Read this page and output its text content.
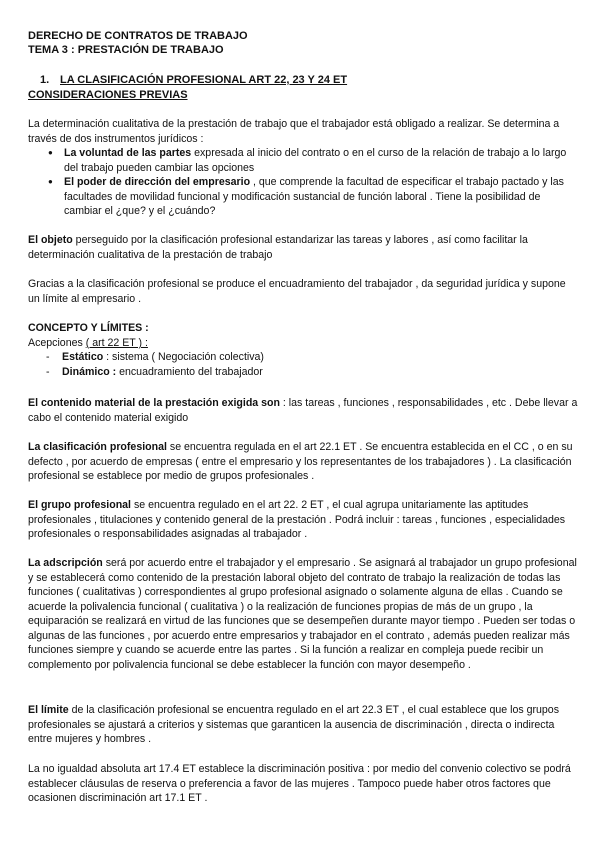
DERECHO DE CONTRATOS DE TRABAJO
TEMA 3 : PRESTACIÓN DE TRABAJO
1. LA CLASIFICACIÓN PROFESIONAL ART 22, 23 Y 24 ET
CONSIDERACIONES PREVIAS
La determinación cualitativa de la prestación de trabajo que el trabajador está obligado a realizar. Se determina a través de dos instrumentos jurídicos :
● La voluntad de las partes expresada al inicio del contrato o en el curso de la relación de trabajo a lo largo del trabajo pueden cambiar las opciones
● El poder de dirección del empresario , que comprende la facultad de especificar el trabajo pactado y las facultades de movilidad funcional y modificación sustancial de función laboral . Tiene la posibilidad de cambiar el ¿que? y el ¿cuándo?
El objeto perseguido por la clasificación profesional estandarizar las tareas y labores , así como facilitar la determinación cualitativa de la prestación de trabajo
Gracias a la clasificación profesional se produce el encuadramiento del trabajador , da seguridad jurídica y supone un límite al empresario .
CONCEPTO Y LÍMITES :
Acepciones ( art 22 ET ) :
- Estático : sistema ( Negociación colectiva)
- Dinámico : encuadramiento del trabajador
El contenido material de la prestación exigida son : las tareas , funciones , responsabilidades , etc . Debe llevar a cabo el contenido material exigido
La clasificación profesional se encuentra regulada en el art 22.1 ET . Se encuentra establecida en el CC , o en su defecto , por acuerdo de empresas ( entre el empresario y los representantes de los trabajadores ) . La clasificación profesional se establece por medio de grupos profesionales .
El grupo profesional se encuentra regulado en el art 22. 2 ET , el cual agrupa unitariamente las aptitudes profesionales , titulaciones y contenido general de la prestación . Podrá incluir : tareas , funciones , especialidades profesionales o responsabilidades asignadas al trabajador .
La adscripción será por acuerdo entre el trabajador y el empresario . Se asignará al trabajador un grupo profesional y se establecerá como contenido de la prestación laboral objeto del contrato de trabajo la realización de todas las funciones ( cualitativas ) correspondientes al grupo profesional asignado o solamente alguna de ellas . Cuando se acuerde la polivalencia funcional ( cualitativa ) o la realización de funciones propias de más de un grupo , la equiparación se realizará en virtud de las funciones que se desempeñen durante mayor tiempo . Pueden ser todas o algunas de las funciones , por acuerdo entre empresarios y trabajador en el contrato , además pueden realizar más funciones siempre y cuando se acuerde entre las partes . Si la función a realizar en compleja puede recibir un complemento por polivalencia funcional se debe establecer la función con mayor desempeño .
El límite de la clasificación profesional se encuentra regulado en el art 22.3 ET , el cual establece que los grupos profesionales se ajustará a criterios y sistemas que garanticen la ausencia de discriminación , directa o indirecta entre mujeres y hombres .
La no igualdad absoluta art 17.4 ET establece la discriminación positiva : por medio del convenio colectivo se podrá establecer cláusulas de reserva o preferencia a favor de las mujeres . Tampoco puede haber otros factores que ocasionen discriminación art 17.1 ET .
